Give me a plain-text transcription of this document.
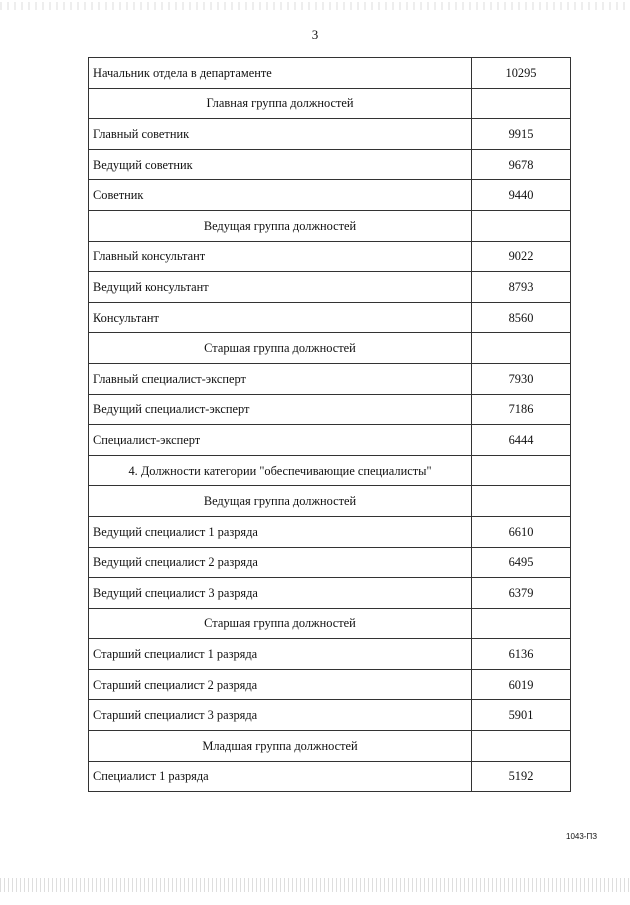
3
Начальник отдела в департаменте	10295
Главная группа должностей	
Главный советник	9915
Ведущий советник	9678
Советник	9440
Ведущая группа должностей	
Главный консультант	9022
Ведущий консультант	8793
Консультант	8560
Старшая группа должностей	
Главный специалист-эксперт	7930
Ведущий специалист-эксперт	7186
Специалист-эксперт	6444
4. Должности категории "обеспечивающие специалисты"	
Ведущая группа должностей	
Ведущий специалист 1 разряда	6610
Ведущий специалист 2 разряда	6495
Ведущий специалист 3 разряда	6379
Старшая группа должностей	
Старший специалист 1 разряда	6136
Старший специалист 2 разряда	6019
Старший специалист 3 разряда	5901
Младшая группа должностей	
Специалист 1 разряда	5192
1043-ПЗ
